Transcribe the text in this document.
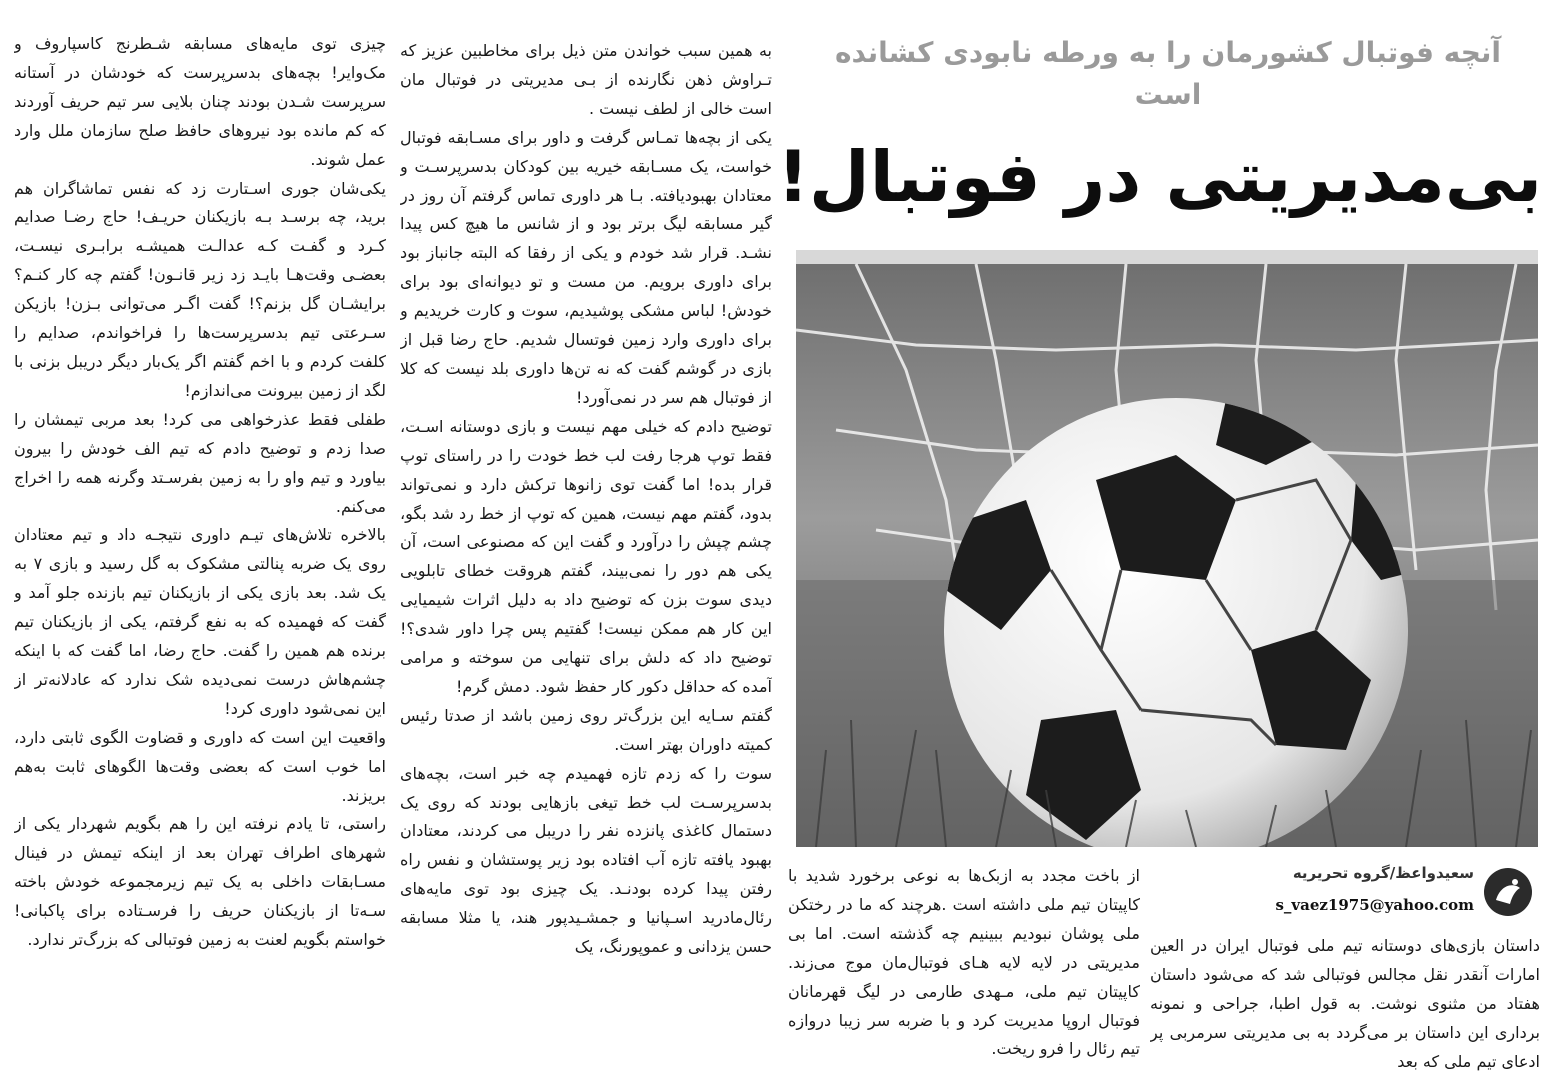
آنچه فوتبال کشورمان را به ورطه نابودی کشانده است
بی‌مدیریتی در فوتبال!
سعیدواعظ/گروه تحریریه
s_vaez1975@yahoo.com

داستان بازی‌های دوستانه تیم ملی فوتبال ایران در العین امارات آنقدر نقل مجالس فوتبالی شد که می‌شود داستان هفتاد من مثنوی نوشت. به قول اطبا، جراحی و نمونه برداری این داستان بر می‌گردد به بی مدیریتی سرمربی پر ادعای تیم ملی که بعد

از باخت مجدد به ازبک‌ها به نوعی برخورد شدید با کاپیتان تیم ملی داشته است .هرچند که ما در رختکن ملی پوشان نبودیم ببینیم چه گذشته است. اما بی مدیریتی در لایه لایه هـای فوتبال‌مان موج می‌زند. کاپیتان تیم ملی، مـهدی طارمی در لیگ قهرمانان فوتبال اروپا مدیریت کرد و با ضربه سر زیبا دروازه تیم رئال را فرو ریخت.

به همین سبب خواندن متن ذیل برای مخاطبین عزیز که تـراوش ذهن نگارنده از بـی مدیریتی در فوتبال مان است خالی از لطف نیست .

یکی از بچه‌ها تمـاس گرفت و داور برای مسـابقه فوتبال خواست، یک مسـابقه خیریه بین کودکان بدسرپرسـت و معتادان بهبودیافته. بـا هر داوری تماس گرفتم آن روز در گیر مسابقه لیگ برتر بود و از شانس ما هیچ کس پیدا نشـد. قرار شد خودم و یکی از رفقا که البته جانباز بود برای داوری برویم. من مست و تو دیوانه‌ای بود برای خودش! لباس مشکی پوشیدیم، سوت و کارت خریدیم و برای داوری وارد زمین فوتسال شدیم. حاج رضا قبل از بازی در گوشم گفت که نه تن‌ها داوری بلد نیست که کلا از فوتبال هم سر در نمی‌آورد!

توضیح دادم که خیلی مهم نیست و بازی دوستانه اسـت، فقط توپ هرجا رفت لب خط خودت را در راستای توپ قرار بده! اما گفت توی زانوها ترکش دارد و نمی‌تواند بدود، گفتم مهم نیست، همین که توپ از خط رد شد بگو، چشم چپش را درآورد و گفت این که مصنوعی است، آن یکی هم دور را نمی‌بیند، گفتم هروقت خطای تابلویی دیدی سوت بزن که توضیح داد به دلیل اثرات شیمیایی این کار هم ممکن نیست! گفتیم پس چرا داور شدی؟! توضیح داد که دلش برای تنهایی من سوخته و مرامی آمده که حداقل دکور کار حفظ شود. دمش گرم!

گفتم سـایه این بزرگ‌تر روی زمین باشد از صدتا رئیس کمیته داوران بهتر است.

سوت را که زدم تازه فهمیدم چه خبر است، بچه‌های بدسرپرسـت لب خط تیغی بازهایی بودند که روی یک دستمال کاغذی پانزده نفر را دریبل می کردند، معتادان بهبود یافته تازه آب افتاده بود زیر پوستشان و نفس راه رفتن پیدا کرده بودنـد. یک چیزی بود توی مایه‌های رئال‌مادرید اسـپانیا و جمشـیدپور هند، یا مثلا مسابقه حسن یزدانی و عموپورنگ، یک

چیزی توی مایه‌های مسابقه شـطرنج کاسپاروف و مک‌وایر! بچه‌های بدسرپرست که خودشان در آستانه سرپرست شـدن بودند چنان بلایی سر تیم حریف آوردند که کم مانده بود نیروهای حافظ صلح سازمان ملل وارد عمل شوند.

یکی‌شان جوری اسـتارت زد که نفس تماشاگران هم برید، چه برسـد بـه بازیکنان حریـف! حاج رضـا صدایم کـرد و گفـت کـه عدالـت همیشـه برابـری نیسـت، بعضـی وقت‌هـا بایـد زد زیر قانـون! گفتم چه کار کنـم؟ برایشـان گل بزنم؟! گفت اگـر می‌توانی بـزن! بازیکن سـرعتی تیم بدسرپرست‌ها را فراخواندم، صدایم را کلفت کردم و با اخم گفتم اگر یک‌بار دیگر دریبل بزنی با لگد از زمین بیرونت می‌اندازم!

طفلی فقط عذرخواهی می کرد! بعد مربی تیمشان را صدا زدم و توضیح دادم که تیم الف خودش را بیرون بیاورد و تیم واو را به زمین بفرسـتد وگرنه همه را اخراج می‌کنم.

بالاخره تلاش‌های تیـم داوری نتیجـه داد و تیم معتادان روی یک ضربه پنالتی مشکوک به گل رسید و بازی ۷ به یک شد. بعد بازی یکی از بازیکنان تیم بازنده جلو آمد و گفت که فهمیده که به نفع گرفتم، یکی از بازیکنان تیم برنده هم همین را گفت. حاج رضا، اما گفت که با اینکه چشم‌هاش درست نمی‌دیده شک ندارد که عادلانه‌تر از این نمی‌شود داوری کرد!

واقعیت این است که داوری و قضاوت الگوی ثابتی دارد، اما خوب است که بعضی وقت‌ها الگوهای ثابت به‌هم بریزند.

راستی، تا یادم نرفته این را هم بگویم شهردار یکی از شهرهای اطراف تهران بعد از اینکه تیمش در فینال مسـابقات داخلی به یک تیم زیرمجموعه خودش باخته سـه‌تا از بازیکنان حریف را فرسـتاده برای پاکبانی! خواستم بگویم لعنت به زمین فوتبالی که بزرگ‌تر ندارد.
